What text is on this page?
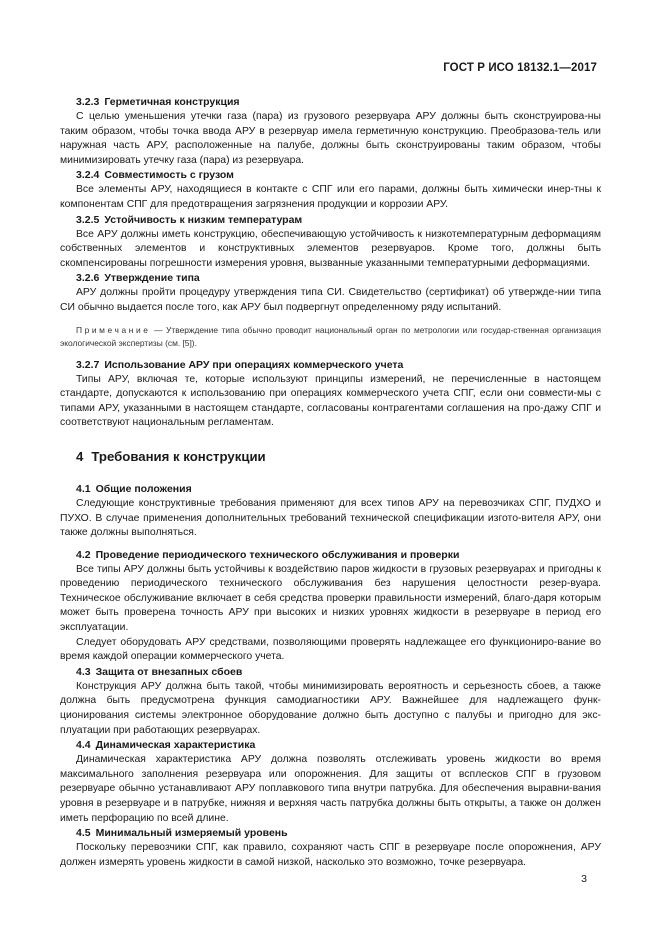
ГОСТ Р ИСО 18132.1—2017
3.2.3 Герметичная конструкция

С целью уменьшения утечки газа (пара) из грузового резервуара АРУ должны быть сконструирова-ны таким образом, чтобы точка ввода АРУ в резервуар имела герметичную конструкцию. Преобразова-тель или наружная часть АРУ, расположенные на палубе, должны быть сконструированы таким образом, чтобы минимизировать утечку газа (пара) из резервуара.

3.2.4 Совместимость с грузом

Все элементы АРУ, находящиеся в контакте с СПГ или его парами, должны быть химически инер-тны к компонентам СПГ для предотвращения загрязнения продукции и коррозии АРУ.

3.2.5 Устойчивость к низким температурам

Все АРУ должны иметь конструкцию, обеспечивающую устойчивость к низкотемпературным деформациям собственных элементов и конструктивных элементов резервуаров. Кроме того, должны быть скомпенсированы погрешности измерения уровня, вызванные указанными температурными деформациями.

3.2.6 Утверждение типа

АРУ должны пройти процедуру утверждения типа СИ. Свидетельство (сертификат) об утвержде-нии типа СИ обычно выдается после того, как АРУ был подвергнут определенному ряду испытаний.

Примечание — Утверждение типа обычно проводит национальный орган по метрологии или государ-ственная организация экологической экспертизы (см. [5]).

3.2.7 Использование АРУ при операциях коммерческого учета

Типы АРУ, включая те, которые используют принципы измерений, не перечисленные в настоящем стандарте, допускаются к использованию при операциях коммерческого учета СПГ, если они совмести-мы с типами АРУ, указанными в настоящем стандарте, согласованы контрагентами соглашения на про-дажу СПГ и соответствуют национальным регламентам.

4 Требования к конструкции
4.1 Общие положения

Следующие конструктивные требования применяют для всех типов АРУ на перевозчиках СПГ, ПУДХО и ПУХО. В случае применения дополнительных требований технической спецификации изгото-вителя АРУ, они также должны выполняться.

4.2 Проведение периодического технического обслуживания и проверки

Все типы АРУ должны быть устойчивы к воздействию паров жидкости в грузовых резервуарах и пригодны к проведению периодического технического обслуживания без нарушения целостности резер-вуара. Техническое обслуживание включает в себя средства проверки правильности измерений, благо-даря которым может быть проверена точность АРУ при высоких и низких уровнях жидкости в резервуаре в период его эксплуатации.

Следует оборудовать АРУ средствами, позволяющими проверять надлежащее его функциониро-вание во время каждой операции коммерческого учета.

4.3 Защита от внезапных сбоев

Конструкция АРУ должна быть такой, чтобы минимизировать вероятность и серьезность сбоев, а также должна быть предусмотрена функция самодиагностики АРУ. Важнейшее для надлежащего функ-ционирования системы электронное оборудование должно быть доступно с палубы и пригодно для экс-плуатации при работающих резервуарах.

4.4 Динамическая характеристика

Динамическая характеристика АРУ должна позволять отслеживать уровень жидкости во время максимального заполнения резервуара или опорожнения. Для защиты от всплесков СПГ в грузовом резервуаре обычно устанавливают АРУ поплавкового типа внутри патрубка. Для обеспечения выравни-вания уровня в резервуаре и в патрубке, нижняя и верхняя часть патрубка должны быть открыты, а также он должен иметь перфорацию по всей длине.

4.5 Минимальный измеряемый уровень

Поскольку перевозчики СПГ, как правило, сохраняют часть СПГ в резервуаре после опорожнения, АРУ должен измерять уровень жидкости в самой низкой, насколько это возможно, точке резервуара.

3
